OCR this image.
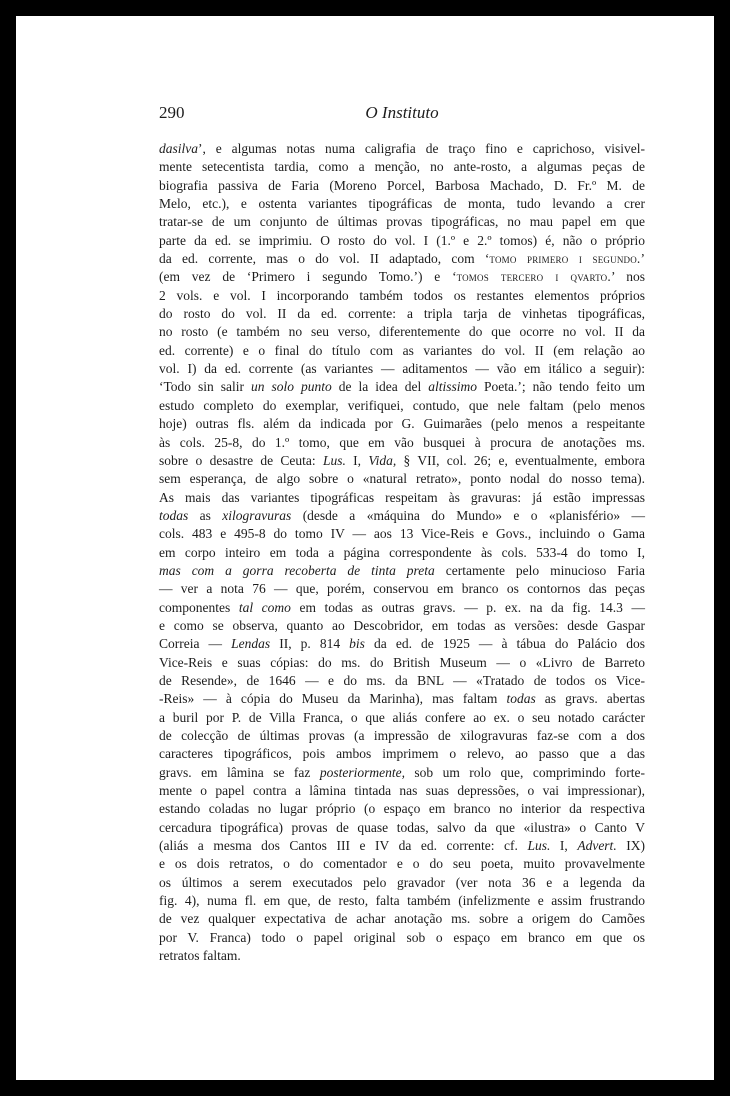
290	O Instituto
dasilva’, e algumas notas numa caligrafia de traço fino e caprichoso, visivel-
mente setecentista tardia, como a menção, no ante-rosto, a algumas peças de
biografia passiva de Faria (Moreno Porcel, Barbosa Machado, D. Fr.º M. de
Melo, etc.), e ostenta variantes tipográficas de monta, tudo levando a crer
tratar-se de um conjunto de últimas provas tipográficas, no mau papel em que
parte da ed. se imprimiu. O rosto do vol. I (1.º e 2.º tomos) é, não o próprio
da ed. corrente, mas o do vol. II adaptado, com ‘tomo primero i segundo.’
(em vez de ‘Primero i segundo Tomo.’) e ‘tomos tercero i qvarto.’ nos
2 vols. e vol. I incorporando também todos os restantes elementos próprios
do rosto do vol. II da ed. corrente: a tripla tarja de vinhetas tipográficas,
no rosto (e também no seu verso, diferentemente do que ocorre no vol. II da
ed. corrente) e o final do título com as variantes do vol. II (em relação ao
vol. I) da ed. corrente (as variantes — aditamentos — vão em itálico a seguir):
‘Todo sin salir un solo punto de la idea del altissimo Poeta.’; não tendo feito um
estudo completo do exemplar, verifiquei, contudo, que nele faltam (pelo menos
hoje) outras fls. além da indicada por G. Guimarães (pelo menos a respeitante
às cols. 25-8, do 1.º tomo, que em vão busquei à procura de anotações ms.
sobre o desastre de Ceuta: Lus. I, Vida, § VII, col. 26; e, eventualmente, embora
sem esperança, de algo sobre o «natural retrato», ponto nodal do nosso tema).
As mais das variantes tipográficas respeitam às gravuras: já estão impressas
todas as xilogravuras (desde a «máquina do Mundo» e o «planisfério» —
cols. 483 e 495-8 do tomo IV — aos 13 Vice-Reis e Govs., incluindo o Gama
em corpo inteiro em toda a página correspondente às cols. 533-4 do tomo I,
mas com a gorra recoberta de tinta preta certamente pelo minucioso Faria
— ver a nota 76 — que, porém, conservou em branco os contornos das peças
componentes tal como em todas as outras gravs. — p. ex. na da fig. 14.3 —
e como se observa, quanto ao Descobridor, em todas as versões: desde Gaspar
Correia — Lendas II, p. 814 bis da ed. de 1925 — à tábua do Palácio dos
Vice-Reis e suas cópias: do ms. do British Museum — o «Livro de Barreto
de Resende», de 1646 — e do ms. da BNL — «Tratado de todos os Vice-
-Reis» — à cópia do Museu da Marinha), mas faltam todas as gravs. abertas
a buril por P. de Villa Franca, o que aliás confere ao ex. o seu notado carácter
de colecção de últimas provas (a impressão de xilogravuras faz-se com a dos
caracteres tipográficos, pois ambos imprimem o relevo, ao passo que a das
gravs. em lâmina se faz posteriormente, sob um rolo que, comprimindo forte-
mente o papel contra a lâmina tintada nas suas depressões, o vai impressionar),
estando coladas no lugar próprio (o espaço em branco no interior da respectiva
cercadura tipográfica) provas de quase todas, salvo da que «ilustra» o Canto V
(aliás a mesma dos Cantos III e IV da ed. corrente: cf. Lus. I, Advert. IX)
e os dois retratos, o do comentador e o do seu poeta, muito provavelmente
os últimos a serem executados pelo gravador (ver nota 36 e a legenda da
fig. 4), numa fl. em que, de resto, falta também (infelizmente e assim frustrando
de vez qualquer expectativa de achar anotação ms. sobre a origem do Camões
por V. Franca) todo o papel original sob o espaço em branco em que os
retratos faltam.
